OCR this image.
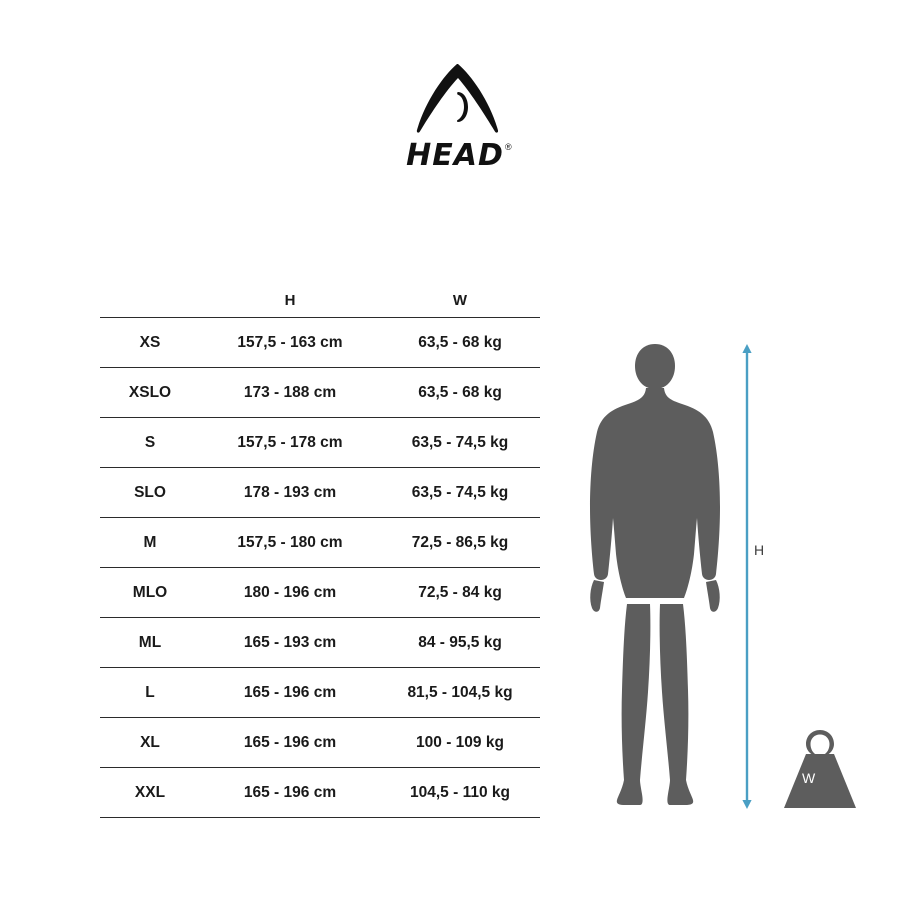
HEAD ®
	H	W
XS	157,5 - 163 cm	63,5 - 68 kg
XSLO	173 - 188 cm	63,5 - 68 kg
S	157,5 - 178 cm	63,5 - 74,5 kg
SLO	178 - 193 cm	63,5 - 74,5 kg
M	157,5 - 180 cm	72,5 - 86,5 kg
MLO	180 - 196 cm	72,5 - 84 kg
ML	165 - 193 cm	84 - 95,5 kg
L	165 - 196 cm	81,5 - 104,5 kg
XL	165 - 196 cm	100 - 109 kg
XXL	165 - 196 cm	104,5 - 110 kg
H
W
